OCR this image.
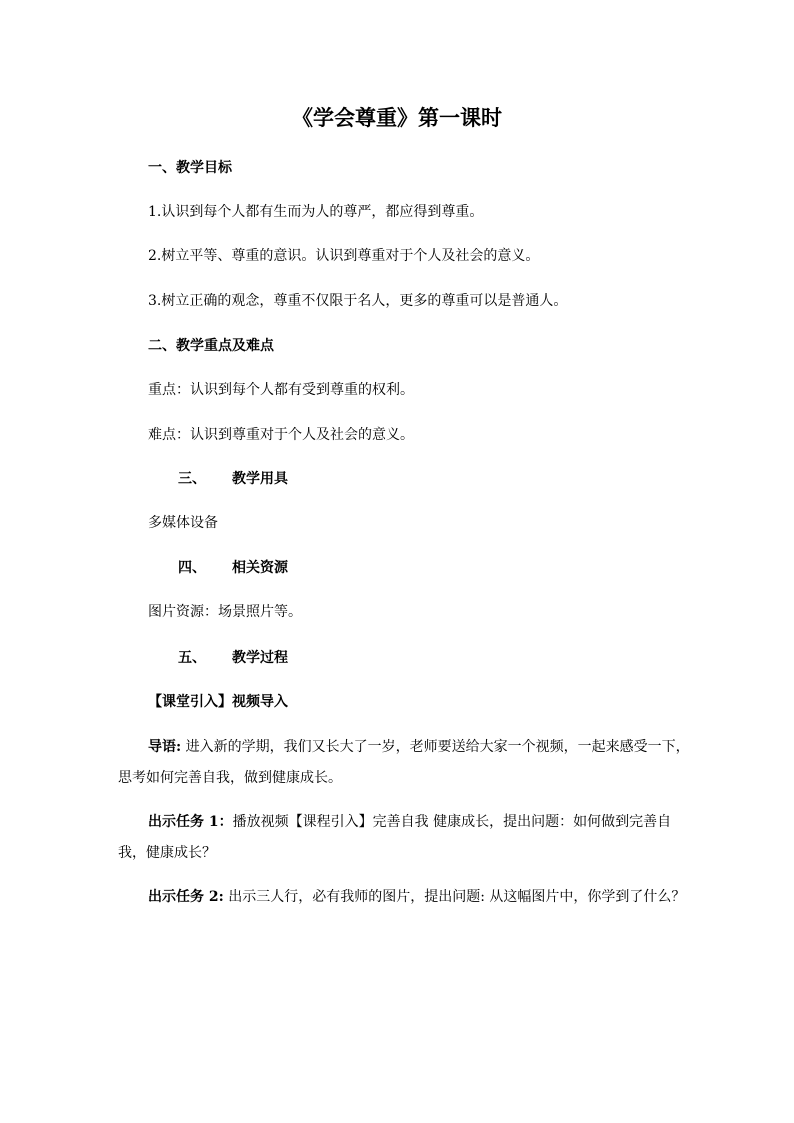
《学会尊重》第一课时
一、教学目标
1.认识到每个人都有生而为人的尊严，都应得到尊重。
2.树立平等、尊重的意识。认识到尊重对于个人及社会的意义。
3.树立正确的观念，尊重不仅限于名人，更多的尊重可以是普通人。
二、教学重点及难点
重点：认识到每个人都有受到尊重的权利。
难点：认识到尊重对于个人及社会的意义。
三、 教学用具
多媒体设备
四、 相关资源
图片资源：场景照片等。
五、 教学过程
【课堂引入】视频导入
导语: 进入新的学期，我们又长大了一岁，老师要送给大家一个视频，一起来感受一下，
思考如何完善自我，做到健康成长。
出示任务 1：播放视频【课程引入】完善自我 健康成长，提出问题：如何做到完善自
我，健康成长？
出示任务 2: 出示三人行，必有我师的图片，提出问题: 从这幅图片中，你学到了什么？
